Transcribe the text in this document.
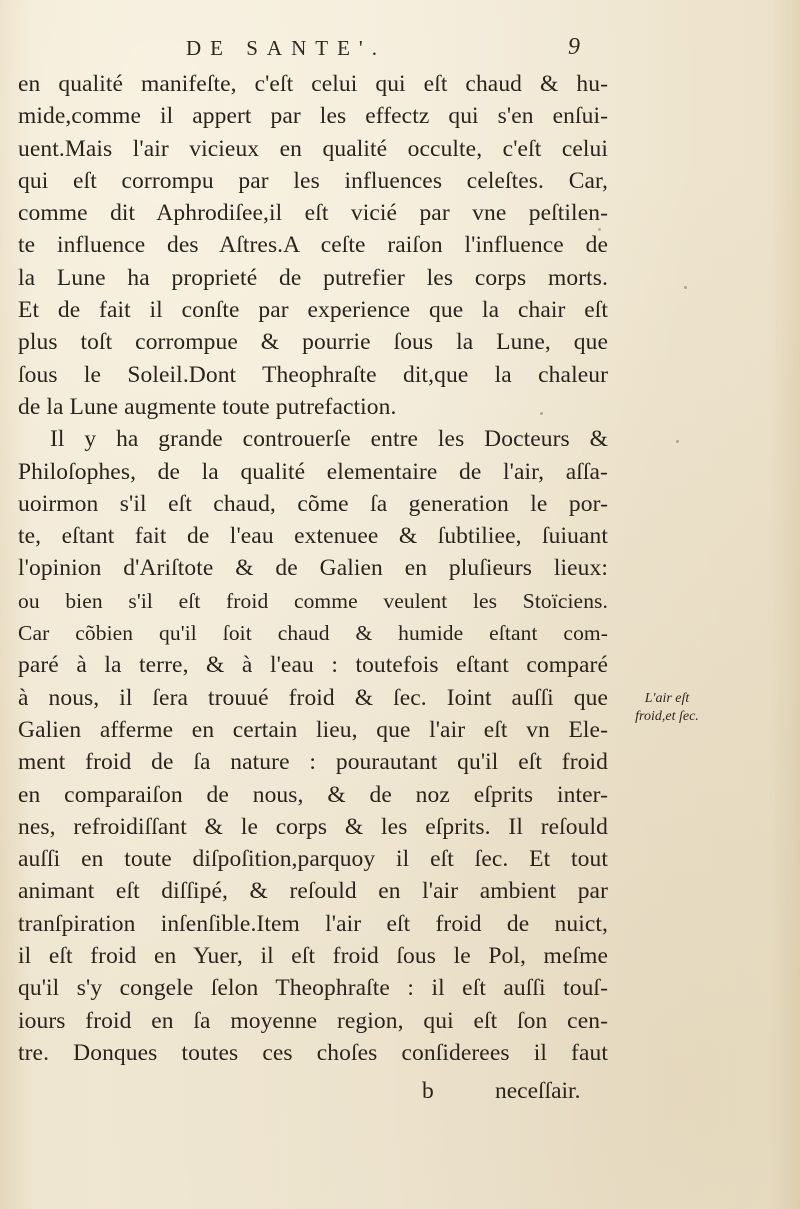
DE SANTE'.	9
en qualité manifeſte, c'eſt celui qui eſt chaud & hu-
mide,comme il appert par les effectz qui s'en enſui-
uent.Mais l'air vicieux en qualité occulte, c'eſt celui
qui eſt corrompu par les influences celeſtes. Car,
comme dit Aphrodiſee,il eſt vicié par vne peſtilen-
te influence des Aſtres.A ceſte raiſon l'influence de
la Lune ha proprieté de putrefier les corps morts.
Et de fait il conſte par experience que la chair eſt
plus toſt corrompue & pourrie ſous la Lune, que
ſous le Soleil.Dont Theophraſte dit,que la chaleur
de la Lune augmente toute putrefaction.
Il y ha grande controuerſe entre les Docteurs &
Philoſophes, de la qualité elementaire de l'air, aſſa-
uoirmon s'il eſt chaud, cõme ſa generation le por-
te, eſtant fait de l'eau extenuee & ſubtiliee, ſuiuant
l'opinion d'Ariſtote & de Galien en pluſieurs lieux:
ou bien s'il eſt froid comme veulent les Stoïciens.
Car cõbien qu'il ſoit chaud & humide eſtant com-
paré à la terre, & à l'eau : toutefois eſtant comparé
à nous, il ſera trouué froid & ſec. Ioint auſſi que
Galien afferme en certain lieu, que l'air eſt vn Ele-
ment froid de ſa nature : pourautant qu'il eſt froid
en comparaiſon de nous, & de noz eſprits inter-
nes, refroidiſſant & le corps & les eſprits. Il reſould
auſſi en toute diſpoſition,parquoy il eſt ſec. Et tout
animant eſt diſſipé, & reſould en l'air ambient par
tranſpiration inſenſible.Item l'air eſt froid de nuict,
il eſt froid en Yuer, il eſt froid ſous le Pol, meſme
qu'il s'y congele ſelon Theophraſte : il eſt auſſi touſ-
iours froid en ſa moyenne region, qui eſt ſon cen-
tre. Donques toutes ces choſes conſiderees il faut
L'air eſt
froid,et ſec.
b	neceſſair.
